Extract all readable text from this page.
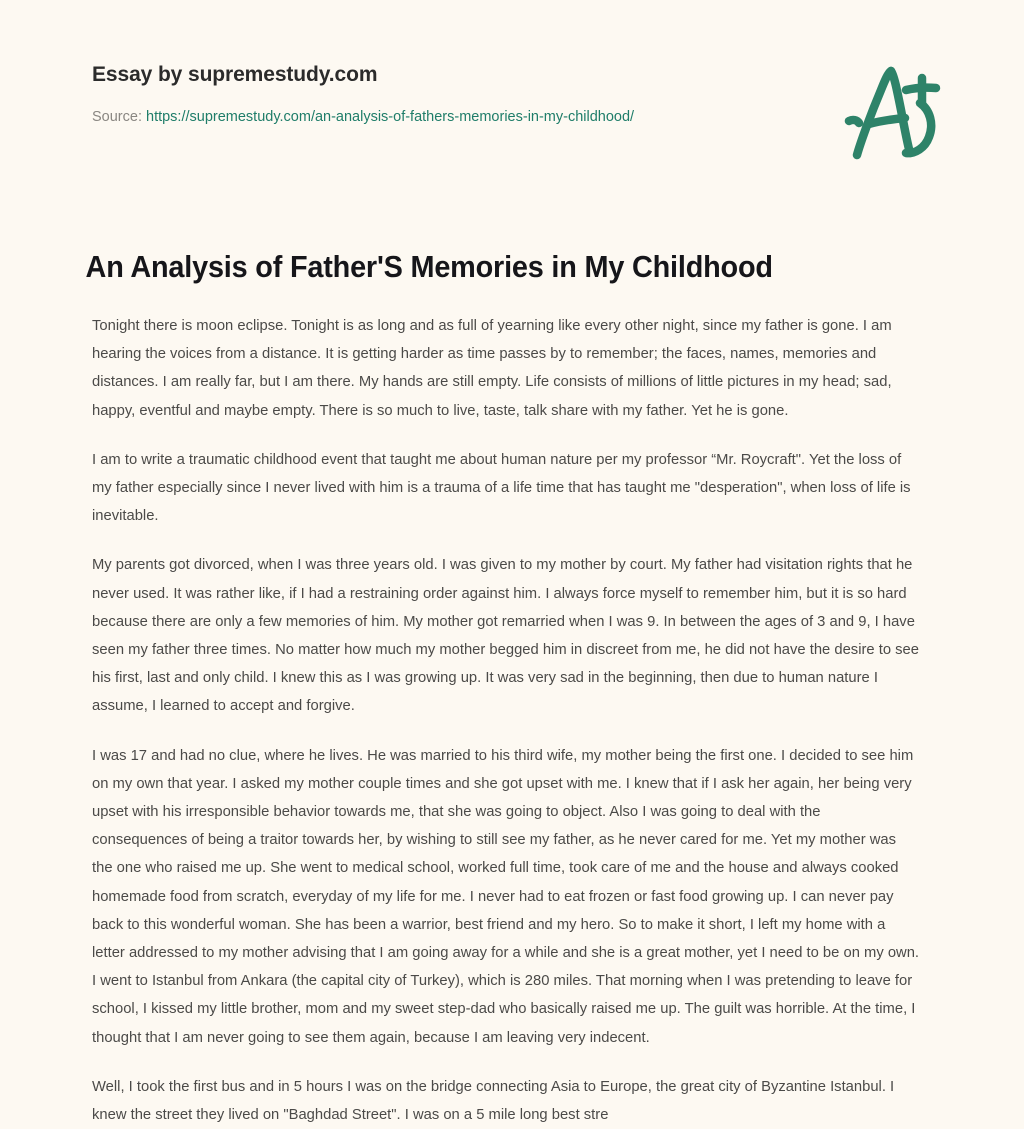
Essay by supremestudy.com
Source: https://supremestudy.com/an-analysis-of-fathers-memories-in-my-childhood/
An Analysis of Father'S Memories in My Childhood

Tonight there is moon eclipse. Tonight is as long and as full of yearning like every other night, since my father is gone. I am hearing the voices from a distance. It is getting harder as time passes by to remember; the faces, names, memories and distances. I am really far, but I am there. My hands are still empty. Life consists of millions of little pictures in my head; sad, happy, eventful and maybe empty. There is so much to live, taste, talk share with my father. Yet he is gone.

I am to write a traumatic childhood event that taught me about human nature per my professor “Mr. Roycraft". Yet the loss of my father especially since I never lived with him is a trauma of a life time that has taught me "desperation", when loss of life is inevitable.

My parents got divorced, when I was three years old. I was given to my mother by court. My father had visitation rights that he never used. It was rather like, if I had a restraining order against him. I always force myself to remember him, but it is so hard because there are only a few memories of him. My mother got remarried when I was 9. In between the ages of 3 and 9, I have seen my father three times. No matter how much my mother begged him in discreet from me, he did not have the desire to see his first, last and only child. I knew this as I was growing up. It was very sad in the beginning, then due to human nature I assume, I learned to accept and forgive.

I was 17 and had no clue, where he lives. He was married to his third wife, my mother being the first one. I decided to see him on my own that year. I asked my mother couple times and she got upset with me. I knew that if I ask her again, her being very upset with his irresponsible behavior towards me, that she was going to object. Also I was going to deal with the consequences of being a traitor towards her, by wishing to still see my father, as he never cared for me. Yet my mother was the one who raised me up. She went to medical school, worked full time, took care of me and the house and always cooked homemade food from scratch, everyday of my life for me. I never had to eat frozen or fast food growing up. I can never pay back to this wonderful woman. She has been a warrior, best friend and my hero. So to make it short, I left my home with a letter addressed to my mother advising that I am going away for a while and she is a great mother, yet I need to be on my own. I went to Istanbul from Ankara (the capital city of Turkey), which is 280 miles. That morning when I was pretending to leave for school, I kissed my little brother, mom and my sweet step-dad who basically raised me up. The guilt was horrible. At the time, I thought that I am never going to see them again, because I am leaving very indecent.

Well, I took the first bus and in 5 hours I was on the bridge connecting Asia to Europe, the great city of Byzantine Istanbul. I knew the street they lived on "Baghdad Street". I was on a 5 mile long best stre
